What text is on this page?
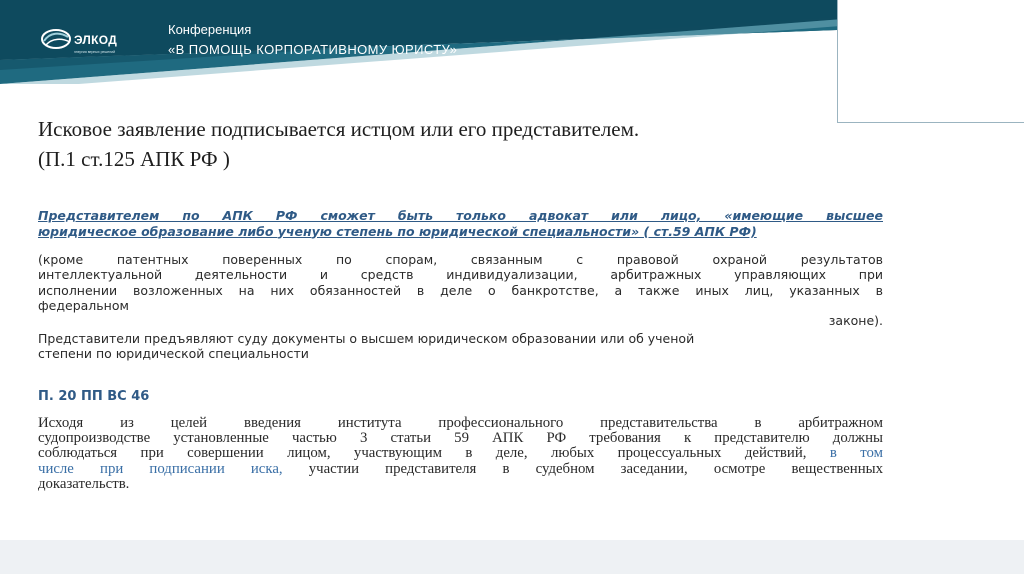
ЭЛКОД
энергия верных решений
Конференция
«В ПОМОЩЬ КОРПОРАТИВНОМУ ЮРИСТУ»
Исковое заявление подписывается истцом или его представителем.
(П.1 ст.125 АПК РФ )
Представителем по АПК РФ сможет быть только адвокат или лицо, «имеющие высшее
юридическое образование либо ученую степень по юридической специальности» ( ст.59 АПК РФ)
(кроме патентных поверенных по спорам, связанным с правовой охраной результатов
интеллектуальной деятельности и средств индивидуализации, арбитражных управляющих при
исполнении возложенных на них обязанностей в деле о банкротстве, а также иных лиц, указанных в
федеральном
законе).
Представители предъявляют суду документы о высшем юридическом образовании или об ученой
степени по юридической специальности
П. 20 ПП ВС 46
Исходя из целей введения института профессионального представительства в арбитражном
судопроизводстве установленные частью 3 статьи 59 АПК РФ требования к представителю должны
соблюдаться при совершении лицом, участвующим в деле, любых процессуальных действий, в том
числе при подписании иска, участии представителя в судебном заседании, осмотре вещественных
доказательств.
